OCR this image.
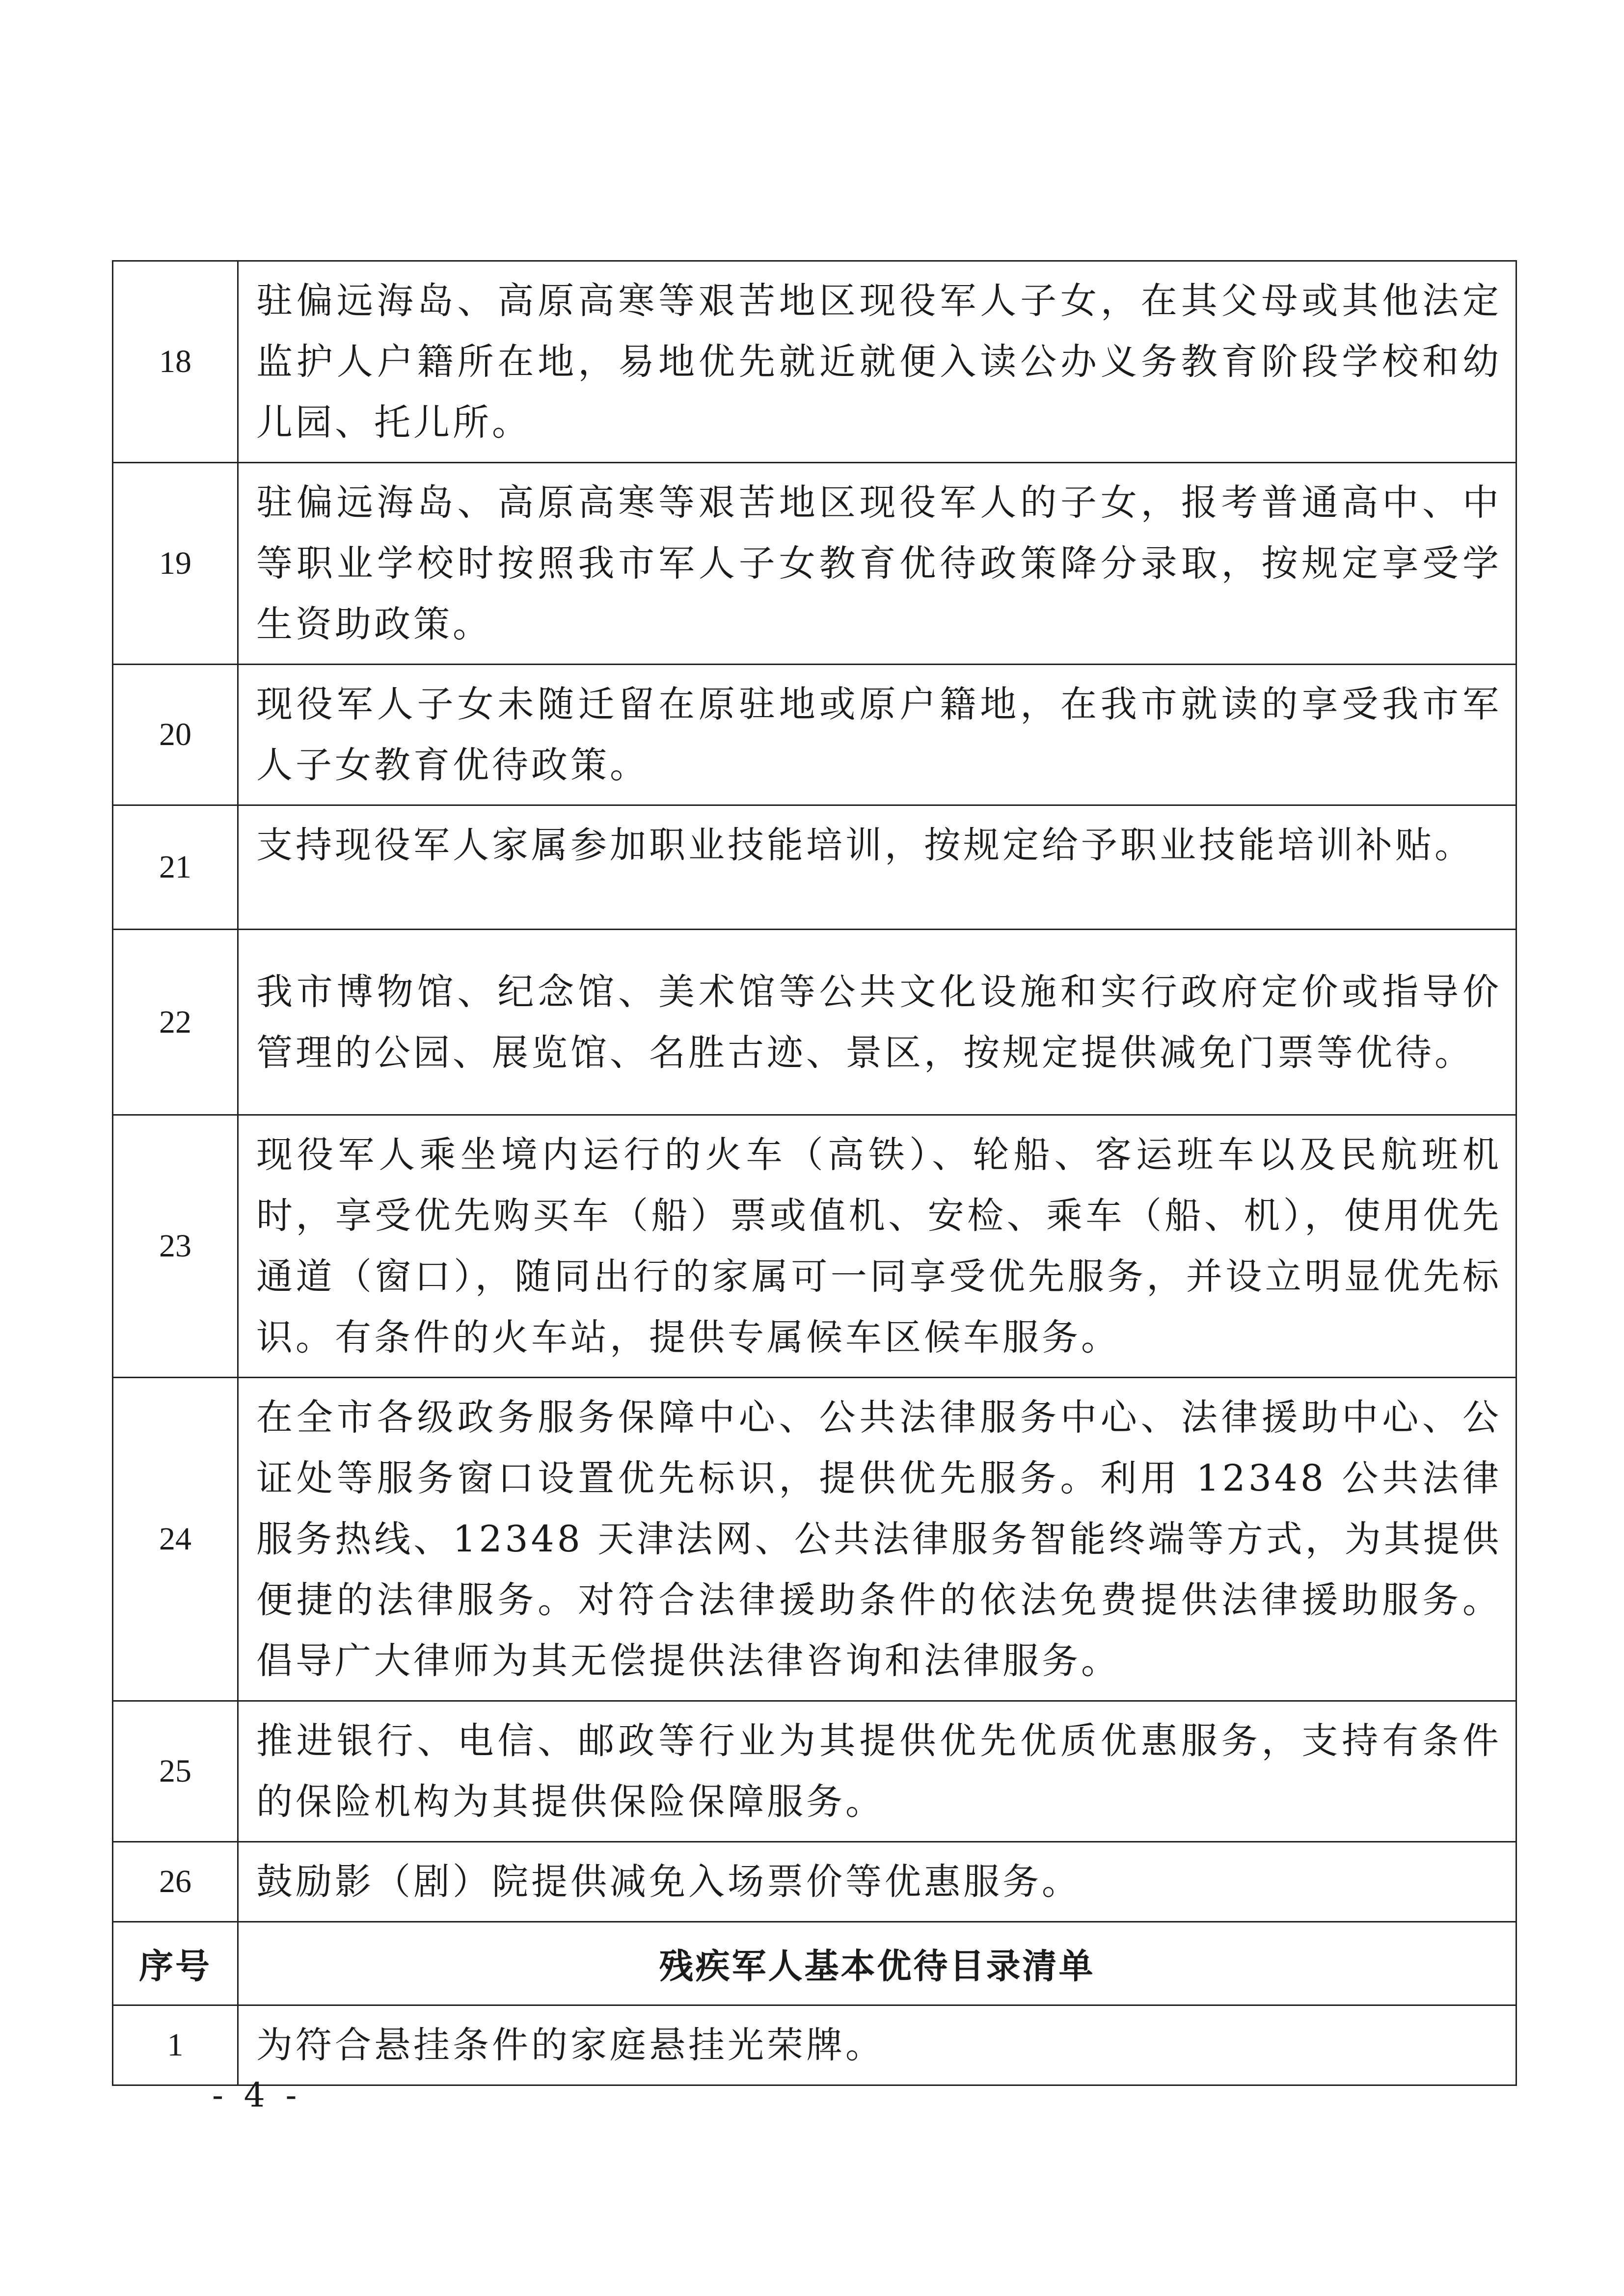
18	驻偏远海岛、高原高寒等艰苦地区现役军人子女，在其父母或其他法定监护人户籍所在地，易地优先就近就便入读公办义务教育阶段学校和幼儿园、托儿所。
19	驻偏远海岛、高原高寒等艰苦地区现役军人的子女，报考普通高中、中等职业学校时按照我市军人子女教育优待政策降分录取，按规定享受学生资助政策。
20	现役军人子女未随迁留在原驻地或原户籍地，在我市就读的享受我市军人子女教育优待政策。
21	支持现役军人家属参加职业技能培训，按规定给予职业技能培训补贴。
22	我市博物馆、纪念馆、美术馆等公共文化设施和实行政府定价或指导价管理的公园、展览馆、名胜古迹、景区，按规定提供减免门票等优待。
23	现役军人乘坐境内运行的火车（高铁）、轮船、客运班车以及民航班机时，享受优先购买车（船）票或值机、安检、乘车（船、机），使用优先通道（窗口），随同出行的家属可一同享受优先服务，并设立明显优先标识。有条件的火车站，提供专属候车区候车服务。
24	在全市各级政务服务保障中心、公共法律服务中心、法律援助中心、公证处等服务窗口设置优先标识，提供优先服务。利用 12348 公共法律服务热线、12348 天津法网、公共法律服务智能终端等方式，为其提供便捷的法律服务。对符合法律援助条件的依法免费提供法律援助服务。倡导广大律师为其无偿提供法律咨询和法律服务。
25	推进银行、电信、邮政等行业为其提供优先优质优惠服务，支持有条件的保险机构为其提供保险保障服务。
26	鼓励影（剧）院提供减免入场票价等优惠服务。
序号	残疾军人基本优待目录清单
1	为符合悬挂条件的家庭悬挂光荣牌。
- 4 -
